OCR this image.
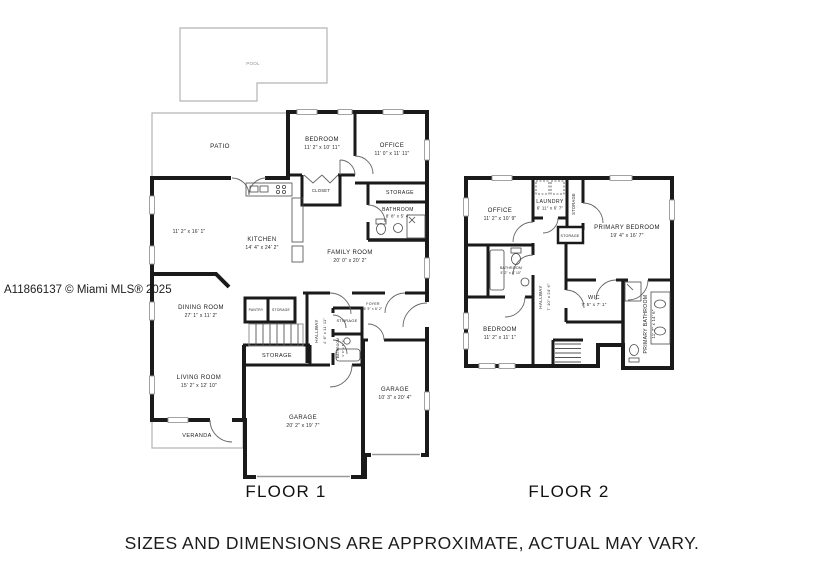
POOL
PATIO
BEDROOM
11' 2" x 10' 11"	OFFICE
11' 0" x 11' 11"
CLOSET	STORAGE
BATHROOM
8' 8" x 5' 4"
11' 2" x 16' 1"
KITCHEN
14' 4" x 24' 2"
FAMILY ROOM
20' 0" x 20' 2"
DINING ROOM
27' 1" x 11' 2"
PANTRY	STORAGE
HALLWAY 4' 6" x 11' 11" STORAGE
BATHROOM 4' 6" x 8' 1"
FOYER
6' 9" x 6' 2"
STORAGE
GARAGE
20' 2" x 19' 7"
GARAGE
10' 3" x 20' 4"
LIVING ROOM
15' 2" x 12' 10"
VERANDA
FLOOR 1
OFFICE
11' 2" x 10' 9"
LAUNDRY
6' 11" x 6' 7" STORAGE
STORAGE
PRIMARY BEDROOM
19' 4" x 16' 7"
BATHROOM
5' 2" x 8' 10"
HALLWAY 7' 10" x 24' 6"	WIC
7' 5" x 7' 1"
BEDROOM
11' 2" x 11' 1"	PRIMARY BATHROOM 11' 7" x 14' 6"
FLOOR 2
A11866137 © Miami MLS® 2025
SIZES AND DIMENSIONS ARE APPROXIMATE, ACTUAL MAY VARY.
